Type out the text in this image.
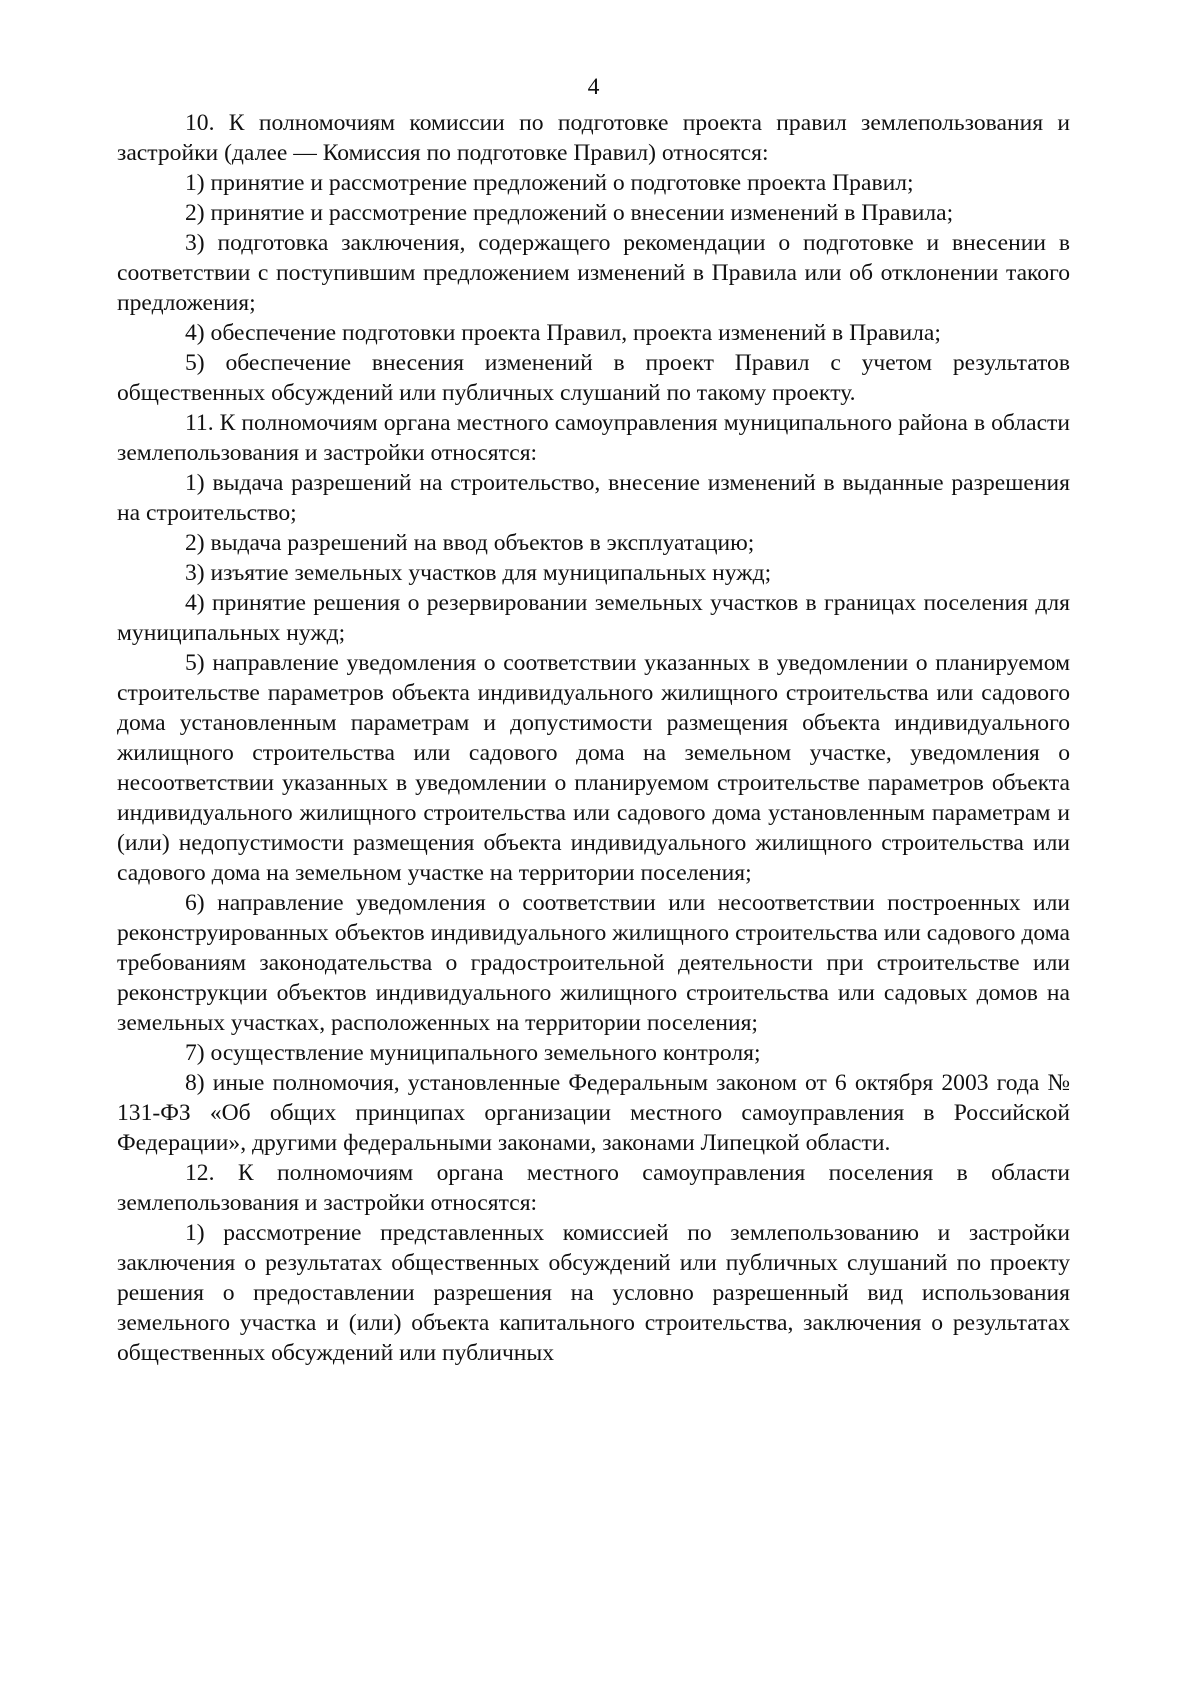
4

10. К полномочиям комиссии по подготовке проекта правил землепользования и застройки (далее — Комиссия по подготовке Правил) относятся:

1) принятие и рассмотрение предложений о подготовке проекта Правил;

2) принятие и рассмотрение предложений о внесении изменений в Правила;

3) подготовка заключения, содержащего рекомендации о подготовке и внесении в соответствии с поступившим предложением изменений в Правила или об отклонении такого предложения;

4) обеспечение подготовки проекта Правил, проекта изменений в Правила;

5) обеспечение внесения изменений в проект Правил с учетом результатов общественных обсуждений или публичных слушаний по такому проекту.

11. К полномочиям органа местного самоуправления муниципального района в области землепользования и застройки относятся:

1) выдача разрешений на строительство, внесение изменений в выданные разрешения на строительство;

2) выдача разрешений на ввод объектов в эксплуатацию;

3) изъятие земельных участков для муниципальных нужд;

4) принятие решения о резервировании земельных участков в границах поселения для муниципальных нужд;

5) направление уведомления о соответствии указанных в уведомлении о планируемом строительстве параметров объекта индивидуального жилищного строительства или садового дома установленным параметрам и допустимости размещения объекта индивидуального жилищного строительства или садового дома на земельном участке, уведомления о несоответствии указанных в уведомлении о планируемом строительстве параметров объекта индивидуального жилищного строительства или садового дома установленным параметрам и (или) недопустимости размещения объекта индивидуального жилищного строительства или садового дома на земельном участке на территории поселения;

6) направление уведомления о соответствии или несоответствии построенных или реконструированных объектов индивидуального жилищного строительства или садового дома требованиям законодательства о градостроительной деятельности при строительстве или реконструкции объектов индивидуального жилищного строительства или садовых домов на земельных участках, расположенных на территории поселения;

7) осуществление муниципального земельного контроля;

8) иные полномочия, установленные Федеральным законом от 6 октября 2003 года № 131-ФЗ «Об общих принципах организации местного самоуправления в Российской Федерации», другими федеральными законами, законами Липецкой области.

12. К полномочиям органа местного самоуправления поселения в области землепользования и застройки относятся:

1) рассмотрение представленных комиссией по землепользованию и застройки заключения о результатах общественных обсуждений или публичных слушаний по проекту решения о предоставлении разрешения на условно разрешенный вид использования земельного участка и (или) объекта капитального строительства, заключения о результатах общественных обсуждений или публичных
